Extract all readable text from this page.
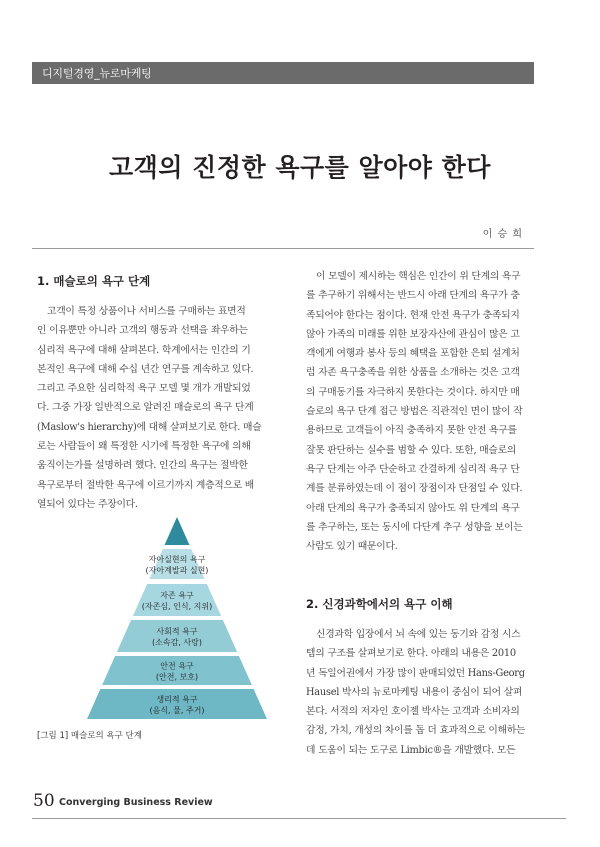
디지털경영_뉴로마케팅
고객의 진정한 욕구를 알아야 한다
이 승 희
1. 매슬로의 욕구 단계
고객이 특정 상품이나 서비스를 구매하는 표면적
인 이유뿐만 아니라 고객의 행동과 선택을 좌우하는
심리적 욕구에 대해 살펴본다. 학계에서는 인간의 기
본적인 욕구에 대해 수십 년간 연구를 계속하고 있다.
그리고 주요한 심리학적 욕구 모델 몇 개가 개발되었
다. 그중 가장 일반적으로 알려진 매슬로의 욕구 단계
(Maslow's hierarchy)에 대해 살펴보기로 한다. 매슬
로는 사람들이 왜 특정한 시기에 특정한 욕구에 의해
움직이는가를 설명하려 했다. 인간의 욕구는 절박한
욕구로부터 절박한 욕구에 이르기까지 계층적으로 배
열되어 있다는 주장이다.
자아실현의 욕구
(자아계발과 실현)
자존 욕구
(자존심, 인식, 지위)
사회적 욕구
(소속감, 사랑)
안전 욕구
(안전, 보호)
생리적 욕구
(음식, 물, 주거)
[그림 1] 매슬로의 욕구 단계
이 모델이 제시하는 핵심은 인간이 위 단계의 욕구
를 추구하기 위해서는 반드시 아래 단계의 욕구가 충
족되어야 한다는 점이다. 현재 안전 욕구가 충족되지
않아 가족의 미래를 위한 보장자산에 관심이 많은 고
객에게 여행과 봉사 등의 혜택을 포함한 은퇴 설계처
럼 자존 욕구충족을 위한 상품을 소개하는 것은 고객
의 구매동기를 자극하지 못한다는 것이다. 하지만 매
슬로의 욕구 단계 접근 방법은 직관적인 면이 많이 작
용하므로 고객들이 아직 충족하지 못한 안전 욕구를
잘못 판단하는 실수를 범할 수 있다. 또한, 매슬로의
욕구 단계는 아주 단순하고 간결하게 심리적 욕구 단
계를 분류하였는데 이 점이 장점이자 단점일 수 있다.
아래 단계의 욕구가 충족되지 않아도 위 단계의 욕구
를 추구하는, 또는 동시에 다단계 추구 성향을 보이는
사람도 있기 때문이다.
2. 신경과학에서의 욕구 이해
신경과학 입장에서 뇌 속에 있는 동기와 감정 시스
템의 구조를 살펴보기로 한다. 아래의 내용은 2010
년 독일어권에서 가장 많이 판매되었던 Hans-Georg
Hausel 박사의 뉴로마케팅 내용이 중심이 되어 살펴
본다. 서적의 저자인 호이젤 박사는 고객과 소비자의
감정, 가치, 개성의 차이를 돕 더 효과적으로 이해하는
데 도움이 되는 도구로 Limbic®을 개발했다. 모든
50 Converging Business Review
